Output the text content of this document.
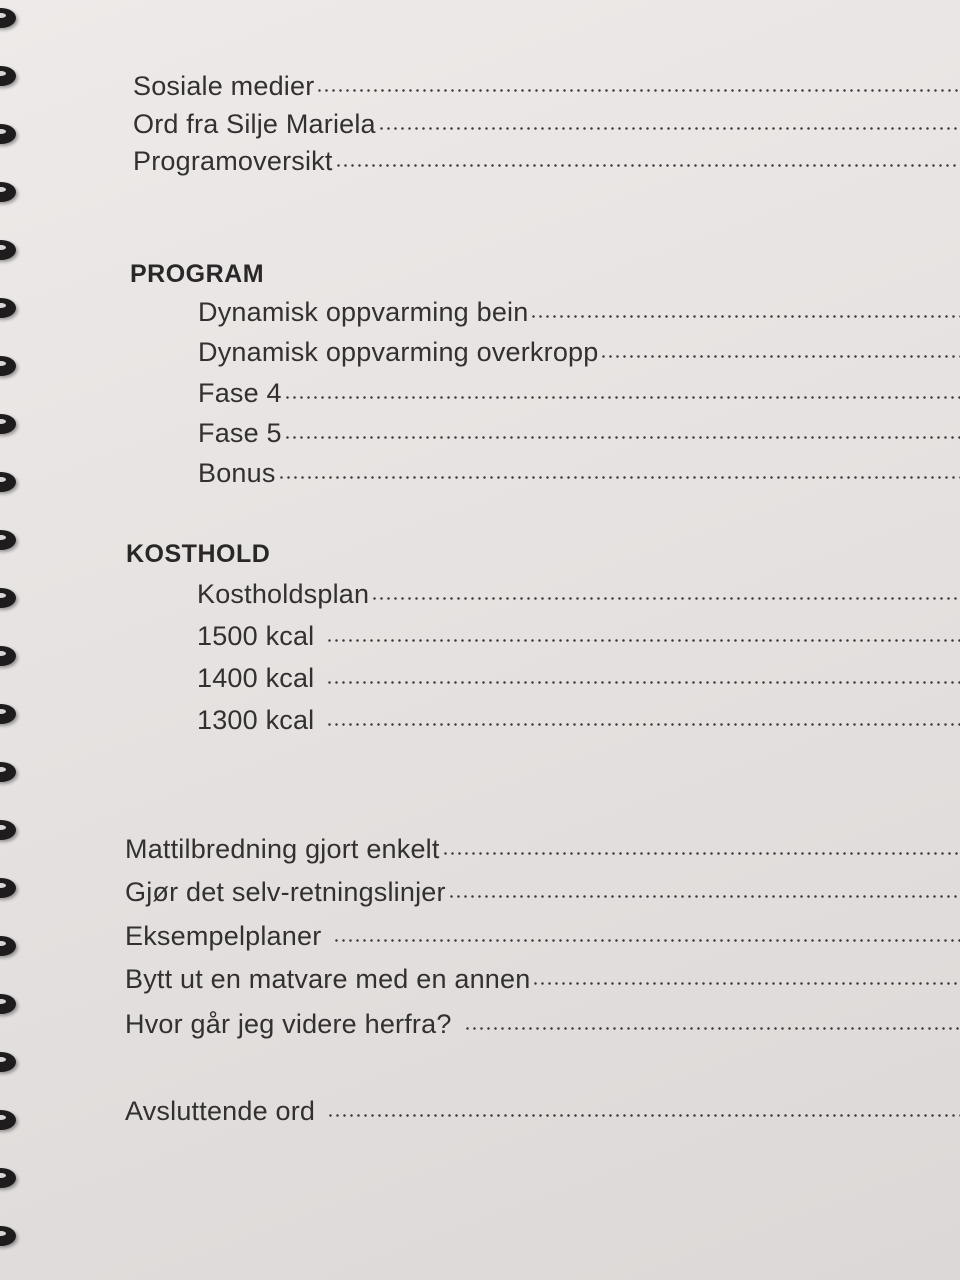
Sosiale medier
Ord fra Silje Mariela
Programoversikt
PROGRAM
Dynamisk oppvarming bein
Dynamisk oppvarming overkropp
Fase 4
Fase 5
Bonus
KOSTHOLD
Kostholdsplan
1500 kcal
1400 kcal
1300 kcal
Mattilbredning gjort enkelt
Gjør det selv-retningslinjer
Eksempelplaner
Bytt ut en matvare med en annen
Hvor går jeg videre herfra?
Avsluttende ord
